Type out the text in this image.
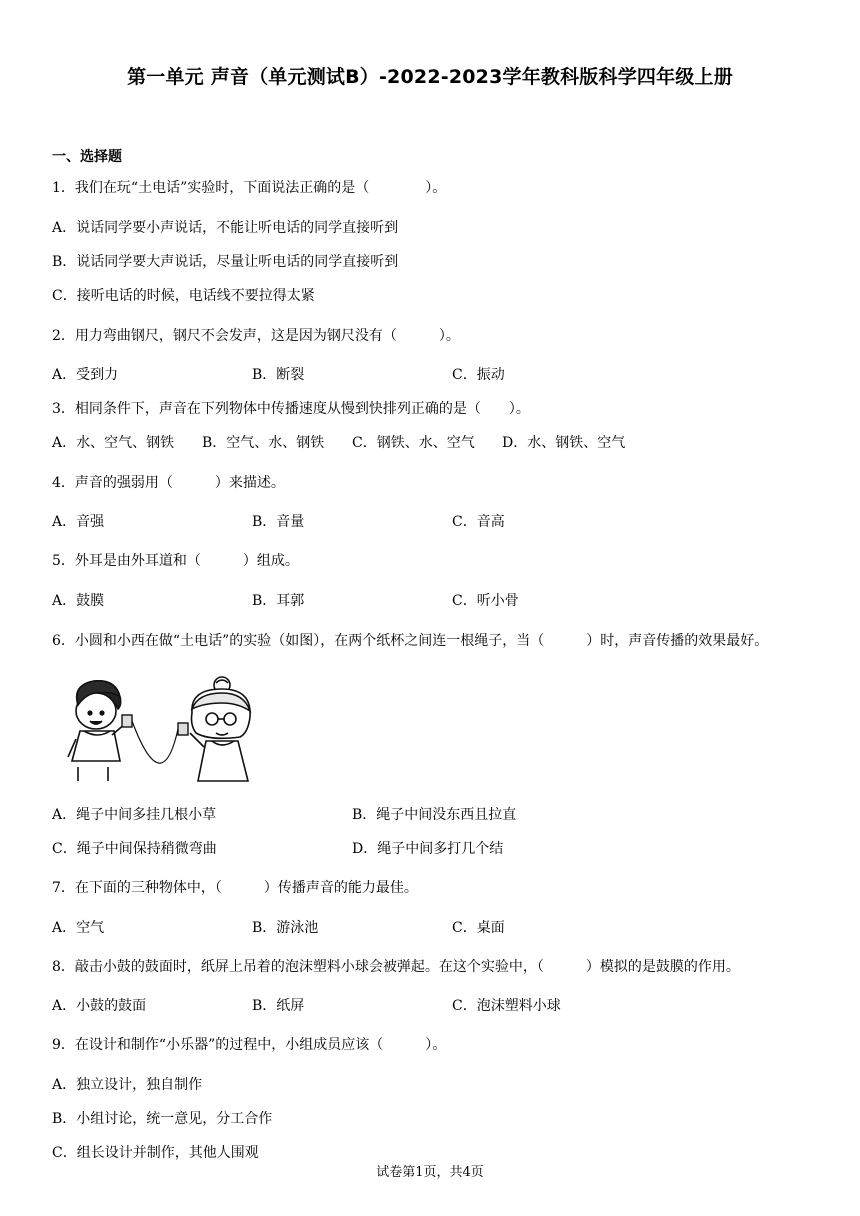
第一单元 声音（单元测试B）-2022-2023学年教科版科学四年级上册
一、选择题
1．我们在玩“土电话”实验时，下面说法正确的是（　　　　）。
A．说话同学要小声说话，不能让听电话的同学直接听到
B．说话同学要大声说话，尽量让听电话的同学直接听到
C．接听电话的时候，电话线不要拉得太紧
2．用力弯曲钢尺，钢尺不会发声，这是因为钢尺没有（　　　）。
A．受到力	B．断裂	C．振动
3．相同条件下，声音在下列物体中传播速度从慢到快排列正确的是（　　）。
A．水、空气、钢铁 B．空气、水、钢铁 C．钢铁、水、空气 D．水、钢铁、空气
4．声音的强弱用（　　　）来描述。
A．音强	B．音量	C．音高
5．外耳是由外耳道和（　　　）组成。
A．鼓膜	B．耳郭	C．听小骨
6．小圆和小西在做“土电话”的实验（如图），在两个纸杯之间连一根绳子，当（　　　）时，声音传播的效果最好。
A．绳子中间多挂几根小草	B．绳子中间没东西且拉直
C．绳子中间保持稍微弯曲	D．绳子中间多打几个结
7．在下面的三种物体中，（　　　）传播声音的能力最佳。
A．空气	B．游泳池	C．桌面
8．敲击小鼓的鼓面时，纸屏上吊着的泡沫塑料小球会被弹起。在这个实验中，（　　　）模拟的是鼓膜的作用。
A．小鼓的鼓面	B．纸屏	C．泡沫塑料小球
9．在设计和制作“小乐器”的过程中，小组成员应该（　　　）。
A．独立设计，独自制作
B．小组讨论，统一意见，分工合作
C．组长设计并制作，其他人围观
试卷第1页，共4页
